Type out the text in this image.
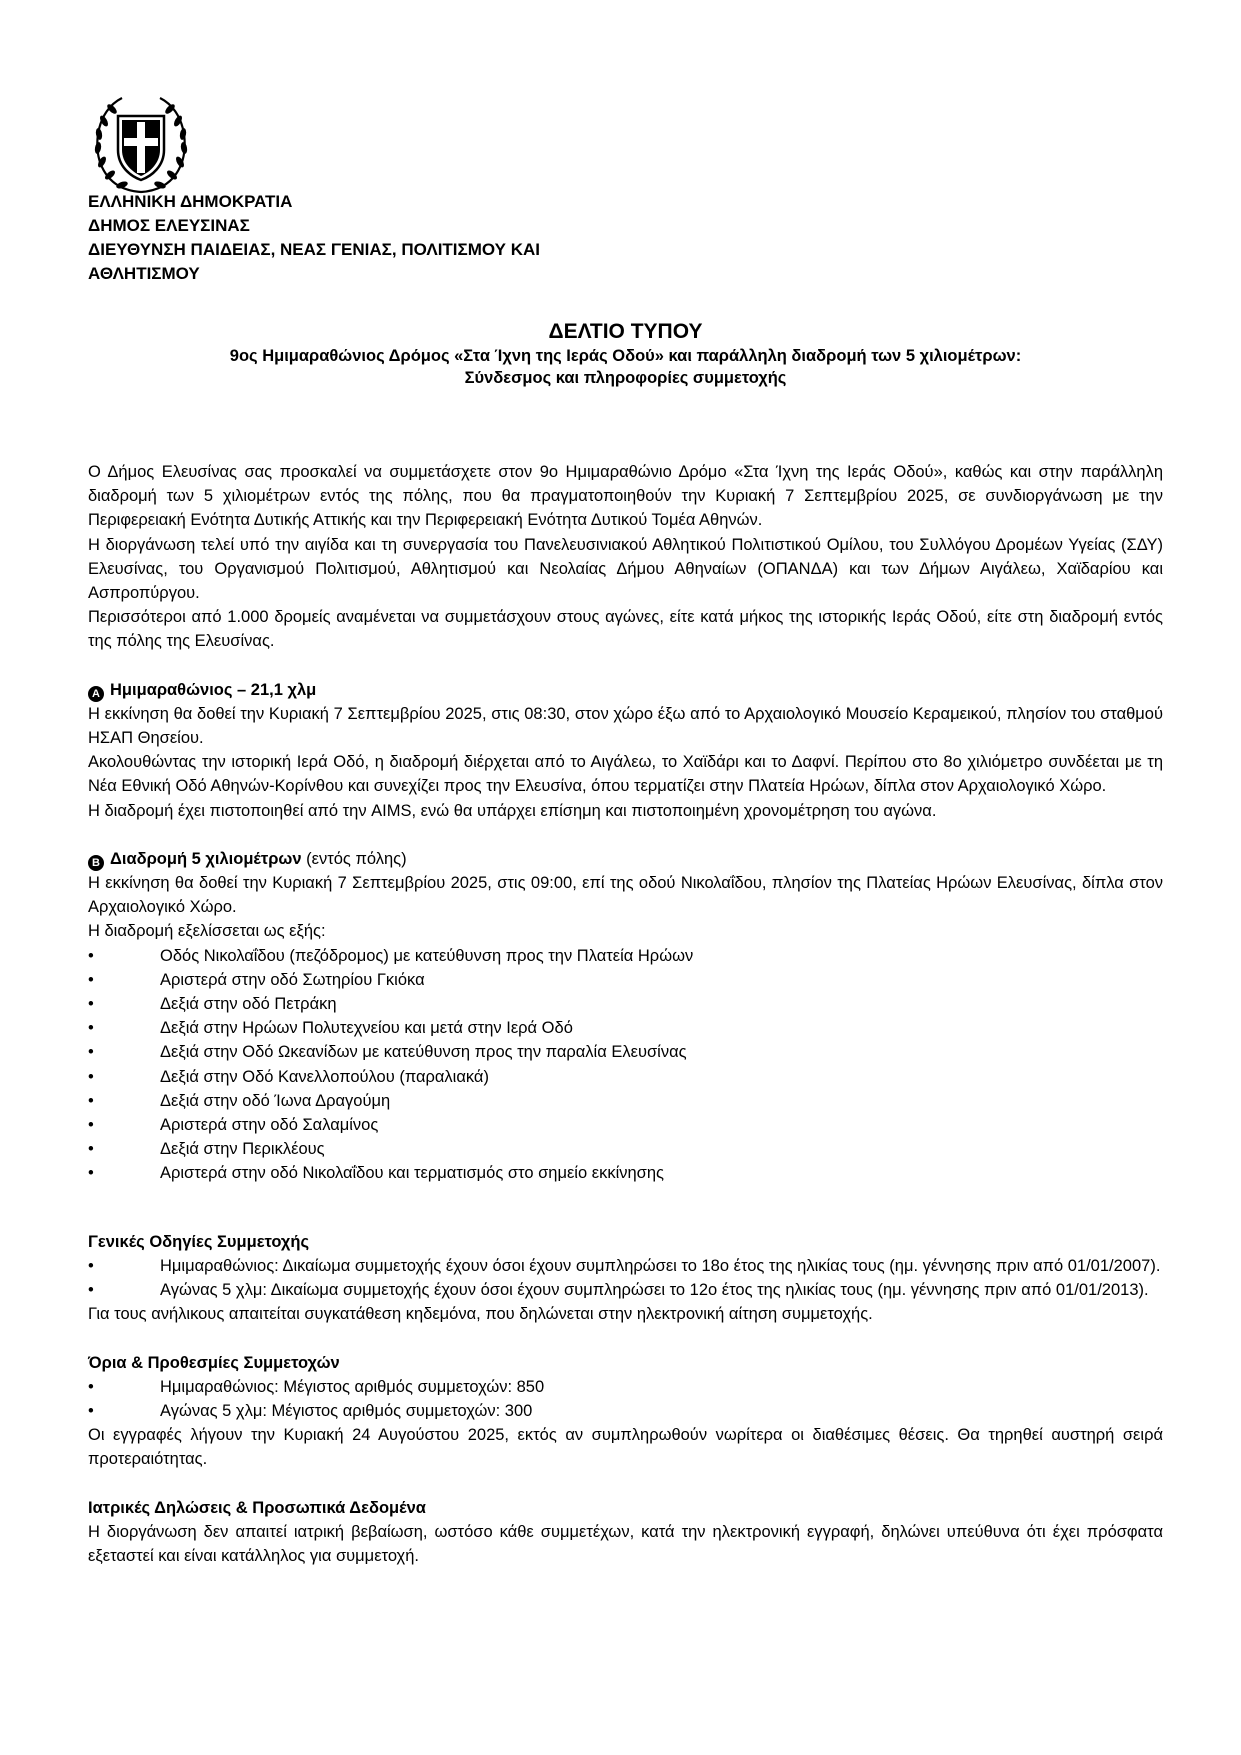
ΕΛΛΗΝΙΚΗ ΔΗΜΟΚΡΑΤΙΑ
ΔΗΜΟΣ ΕΛΕΥΣΙΝΑΣ
ΔΙΕΥΘΥΝΣΗ ΠΑΙΔΕΙΑΣ, ΝΕΑΣ ΓΕΝΙΑΣ, ΠΟΛΙΤΙΣΜΟΥ ΚΑΙ
ΑΘΛΗΤΙΣΜΟΥ
ΔΕΛΤΙΟ ΤΥΠΟΥ
9ος Ημιμαραθώνιος Δρόμος «Στα Ίχνη της Ιεράς Οδού» και παράλληλη διαδρομή των 5 χιλιομέτρων:
Σύνδεσμος και πληροφορίες συμμετοχής

Ο Δήμος Ελευσίνας σας προσκαλεί να συμμετάσχετε στον 9ο Ημιμαραθώνιο Δρόμο «Στα Ίχνη της Ιεράς Οδού», καθώς και στην παράλληλη διαδρομή των 5 χιλιομέτρων εντός της πόλης, που θα πραγματοποιηθούν την Κυριακή 7 Σεπτεμβρίου 2025, σε συνδιοργάνωση με την Περιφερειακή Ενότητα Δυτικής Αττικής και την Περιφερειακή Ενότητα Δυτικού Τομέα Αθηνών.

Η διοργάνωση τελεί υπό την αιγίδα και τη συνεργασία του Πανελευσινιακού Αθλητικού Πολιτιστικού Ομίλου, του Συλλόγου Δρομέων Υγείας (ΣΔΥ) Ελευσίνας, του Οργανισμού Πολιτισμού, Αθλητισμού και Νεολαίας Δήμου Αθηναίων (ΟΠΑΝΔΑ) και των Δήμων Αιγάλεω, Χαϊδαρίου και Ασπροπύργου.

Περισσότεροι από 1.000 δρομείς αναμένεται να συμμετάσχουν στους αγώνες, είτε κατά μήκος της ιστορικής Ιεράς Οδού, είτε στη διαδρομή εντός της πόλης της Ελευσίνας.

A Ημιμαραθώνιος – 21,1 χλμ

Η εκκίνηση θα δοθεί την Κυριακή 7 Σεπτεμβρίου 2025, στις 08:30, στον χώρο έξω από το Αρχαιολογικό Μουσείο Κεραμεικού, πλησίον του σταθμού ΗΣΑΠ Θησείου.

Ακολουθώντας την ιστορική Ιερά Οδό, η διαδρομή διέρχεται από το Αιγάλεω, το Χαϊδάρι και το Δαφνί. Περίπου στο 8ο χιλιόμετρο συνδέεται με τη Νέα Εθνική Οδό Αθηνών-Κορίνθου και συνεχίζει προς την Ελευσίνα, όπου τερματίζει στην Πλατεία Ηρώων, δίπλα στον Αρχαιολογικό Χώρο.

Η διαδρομή έχει πιστοποιηθεί από την AIMS, ενώ θα υπάρχει επίσημη και πιστοποιημένη χρονομέτρηση του αγώνα.

B Διαδρομή 5 χιλιομέτρων (εντός πόλης)

Η εκκίνηση θα δοθεί την Κυριακή 7 Σεπτεμβρίου 2025, στις 09:00, επί της οδού Νικολαΐδου, πλησίον της Πλατείας Ηρώων Ελευσίνας, δίπλα στον Αρχαιολογικό Χώρο.

Η διαδρομή εξελίσσεται ως εξής:

• Οδός Νικολαΐδου (πεζόδρομος) με κατεύθυνση προς την Πλατεία Ηρώων
• Αριστερά στην οδό Σωτηρίου Γκιόκα
• Δεξιά στην οδό Πετράκη
• Δεξιά στην Ηρώων Πολυτεχνείου και μετά στην Ιερά Οδό
• Δεξιά στην Οδό Ωκεανίδων με κατεύθυνση προς την παραλία Ελευσίνας
• Δεξιά στην Οδό Κανελλοπούλου (παραλιακά)
• Δεξιά στην οδό Ίωνα Δραγούμη
• Αριστερά στην οδό Σαλαμίνος
• Δεξιά στην Περικλέους
• Αριστερά στην οδό Νικολαΐδου και τερματισμός στο σημείο εκκίνησης

Γενικές Οδηγίες Συμμετοχής

•	Ημιμαραθώνιος: Δικαίωμα συμμετοχής έχουν όσοι έχουν συμπληρώσει το 18ο έτος της ηλικίας τους (ημ. γέννησης πριν από 01/01/2007).

•	Αγώνας 5 χλμ: Δικαίωμα συμμετοχής έχουν όσοι έχουν συμπληρώσει το 12ο έτος της ηλικίας τους (ημ. γέννησης πριν από 01/01/2013).

Για τους ανήλικους απαιτείται συγκατάθεση κηδεμόνα, που δηλώνεται στην ηλεκτρονική αίτηση συμμετοχής.

Όρια & Προθεσμίες Συμμετοχών

• Ημιμαραθώνιος: Μέγιστος αριθμός συμμετοχών: 850
• Αγώνας 5 χλμ: Μέγιστος αριθμός συμμετοχών: 300

Οι εγγραφές λήγουν την Κυριακή 24 Αυγούστου 2025, εκτός αν συμπληρωθούν νωρίτερα οι διαθέσιμες θέσεις. Θα τηρηθεί αυστηρή σειρά προτεραιότητας.

Ιατρικές Δηλώσεις & Προσωπικά Δεδομένα

Η διοργάνωση δεν απαιτεί ιατρική βεβαίωση, ωστόσο κάθε συμμετέχων, κατά την ηλεκτρονική εγγραφή, δηλώνει υπεύθυνα ότι έχει πρόσφατα εξεταστεί και είναι κατάλληλος για συμμετοχή.
